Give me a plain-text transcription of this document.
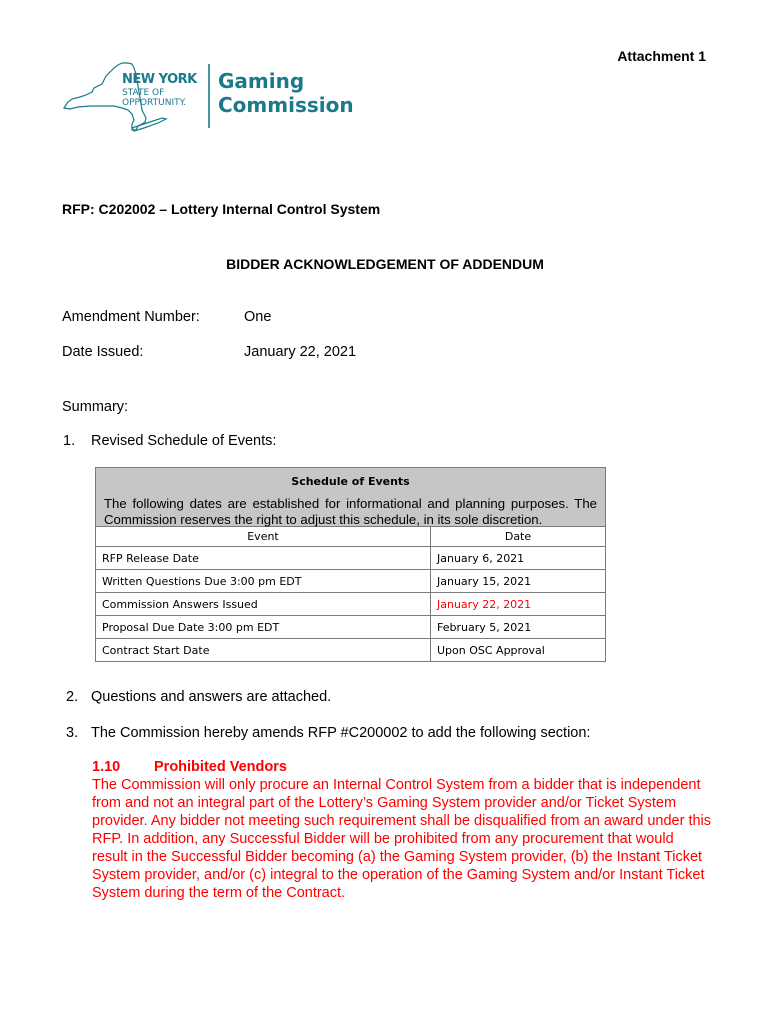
Attachment 1
NEW YORK
STATE OF
OPPORTUNITY.
Gaming
Commission
RFP: C202002 – Lottery Internal Control System
BIDDER ACKNOWLEDGEMENT OF ADDENDUM
Amendment Number:	One
Date Issued:	January 22, 2021
Summary:
1. Revised Schedule of Events:
Schedule of Events
The following dates are established for informational and planning purposes. The Commission reserves the right to adjust this schedule, in its sole discretion.
Event	Date
RFP Release Date	January 6, 2021
Written Questions Due 3:00 pm EDT	January 15, 2021
Commission Answers Issued	January 22, 2021
Proposal Due Date 3:00 pm EDT	February 5, 2021
Contract Start Date	Upon OSC Approval
2. Questions and answers are attached.
3. The Commission hereby amends RFP #C200002 to add the following section:
1.10 Prohibited Vendors
The Commission will only procure an Internal Control System from a bidder that is independent from and not an integral part of the Lottery’s Gaming System provider and/or Ticket System provider. Any bidder not meeting such requirement shall be disqualified from an award under this RFP. In addition, any Successful Bidder will be prohibited from any procurement that would result in the Successful Bidder becoming (a) the Gaming System provider, (b) the Instant Ticket System provider, and/or (c) integral to the operation of the Gaming System and/or Instant Ticket System during the term of the Contract.
